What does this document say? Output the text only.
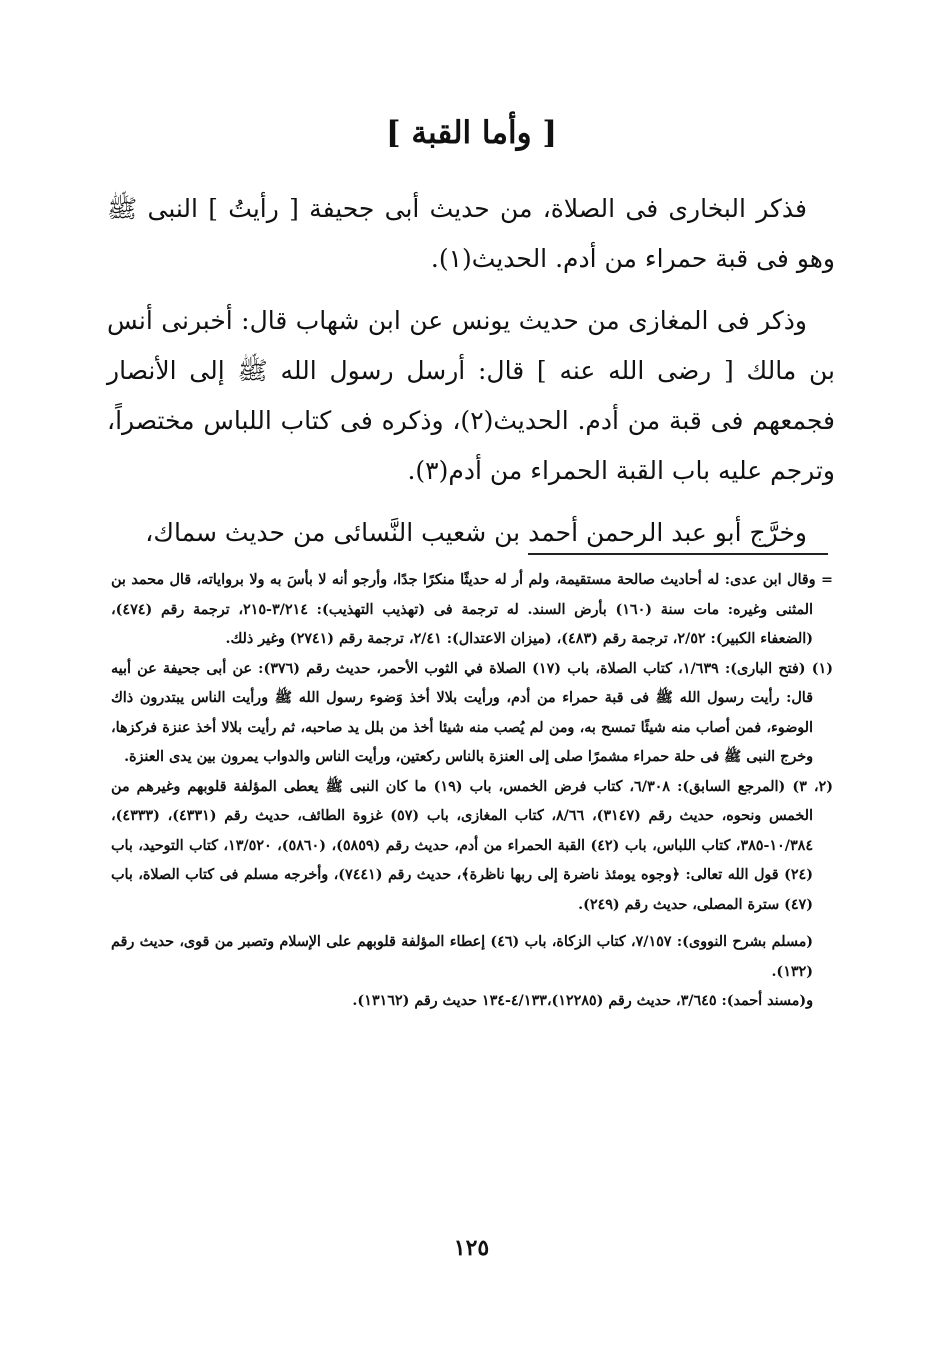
[ وأما القبة ]

فذكر البخارى فى الصلاة، من حديث أبى جحيفة [ رأيتُ ] النبى ﷺ وهو فى قبة حمراء من أدم. الحديث(١).

وذكر فى المغازى من حديث يونس عن ابن شهاب قال: أخبرنى أنس بن مالك [ رضى الله عنه ] قال: أرسل رسول الله ﷺ إلى الأنصار فجمعهم فى قبة من أدم. الحديث(٢)، وذكره فى كتاب اللباس مختصراً، وترجم عليه باب القبة الحمراء من أدم(٣).

وخرَّج أبو عبد الرحمن أحمد بن شعيب النَّسائى من حديث سماك،

= وقال ابن عدى: له أحاديث صالحة مستقيمة، ولم أر له حديثًا منكرًا جدًا، وأرجو أنه لا بأسَ به ولا برواياته، قال محمد بن المثنى وغيره: مات سنة (١٦٠) بأرض السند. له ترجمة فى (تهذيب التهذيب): ٣/٢١٤-٢١٥، ترجمة رقم (٤٧٤)، (الضعفاء الكبير): ٢/٥٢، ترجمة رقم (٤٨٣)، (ميزان الاعتدال): ٢/٤١، ترجمة رقم (٢٧٤١) وغير ذلك.

(١) (فتح البارى): ١/٦٣٩، كتاب الصلاة، باب (١٧) الصلاة في الثوب الأحمر، حديث رقم (٣٧٦): عن أبى جحيفة عن أبيه قال: رأيت رسول الله ﷺ فى قبة حمراء من أدم، ورأيت بلالا أخذ وَضوء رسول الله ﷺ ورأيت الناس يبتدرون ذاك الوضوء، فمن أصاب منه شيئًا تمسح به، ومن لم يُصب منه شيئا أخذ من بلل يد صاحبه، ثم رأيت بلالا أخذ عنزة فركزها، وخرج النبى ﷺ فى حلة حمراء مشمرًا صلى إلى العنزة بالناس ركعتين، ورأيت الناس والدواب يمرون بين يدى العنزة.

(٢، ٣) (المرجع السابق): ٦/٣٠٨، كتاب فرض الخمس، باب (١٩) ما كان النبى ﷺ يعطى المؤلفة قلوبهم وغيرهم من الخمس ونحوه، حديث رقم (٣١٤٧)، ٨/٦٦، كتاب المغازى، باب (٥٧) غزوة الطائف، حديث رقم (٤٣٣١)، (٤٣٣٣)، ١٠/٣٨٤-٣٨٥، كتاب اللباس، باب (٤٢) القبة الحمراء من أدم، حديث رقم (٥٨٥٩)، (٥٨٦٠)، ١٣/٥٢٠، كتاب التوحيد، باب (٢٤) قول الله تعالى: ﴿وجوه يومئذ ناضرة إلى ربها ناظرة﴾، حديث رقم (٧٤٤١)، وأخرجه مسلم فى كتاب الصلاة، باب (٤٧) سترة المصلى، حديث رقم (٢٤٩).

(مسلم بشرح النووى): ٧/١٥٧، كتاب الزكاة، باب (٤٦) إعطاء المؤلفة قلوبهم على الإسلام وتصبر من قوى، حديث رقم (١٣٢).

و(مسند أحمد): ٣/٦٤٥، حديث رقم (١٢٢٨٥)،٤/١٣٣-١٣٤ حديث رقم (١٣١٦٢).

١٢٥
